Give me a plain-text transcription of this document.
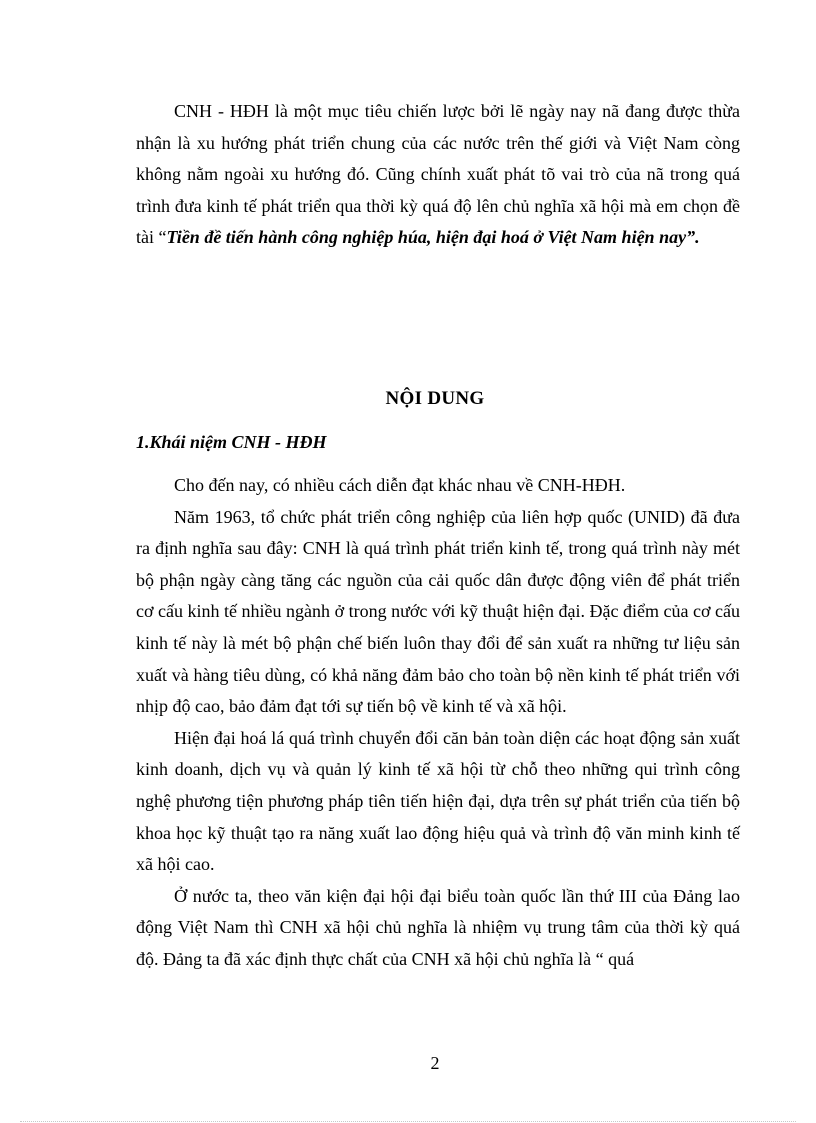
CNH - HĐH là một mục tiêu chiến lược bởi lẽ ngày nay nã đang được thừa nhận là xu hướng phát triển chung của các nước trên thế giới và Việt Nam còng không nằm ngoài xu hướng đó. Cũng chính xuất phát tõ vai trò của nã trong quá trình đưa kinh tế phát triển qua thời kỳ quá độ lên chủ nghĩa xã hội mà em chọn đề tài “Tiền đề tiến hành công nghiệp húa, hiện đại hoá ở Việt Nam hiện nay”.

NỘI DUNG
1.Khái niệm CNH - HĐH

Cho đến nay, có nhiều cách diễn đạt khác nhau về CNH-HĐH.

Năm 1963, tổ chức phát triển công nghiệp của liên hợp quốc (UNID) đã đưa ra định nghĩa sau đây: CNH là quá trình phát triển kinh tế, trong quá trình này mét bộ phận ngày càng tăng các nguồn của cải quốc dân được động viên để phát triển cơ cấu kinh tế nhiều ngành ở trong nước với kỹ thuật hiện đại. Đặc điểm của cơ cấu kinh tế này là mét bộ phận chế biến luôn thay đổi để sản xuất ra những tư liệu sản xuất và hàng tiêu dùng, có khả năng đảm bảo cho toàn bộ nền kinh tế phát triển với nhịp độ cao, bảo đảm đạt tới sự tiến bộ về kinh tế và xã hội.

Hiện đại hoá lá quá trình chuyển đổi căn bản toàn diện các hoạt động sản xuất kinh doanh, dịch vụ và quản lý kinh tế xã hội từ chỗ theo những qui trình công nghệ phương tiện phương pháp tiên tiến hiện đại, dựa trên sự phát triển của tiến bộ khoa học kỹ thuật tạo ra năng xuất lao động hiệu quả và trình độ văn minh kinh tế xã hội cao.

Ở nước ta, theo văn kiện đại hội đại biểu toàn quốc lần thứ III của Đảng lao động Việt Nam thì CNH xã hội chủ nghĩa là nhiệm vụ trung tâm của thời kỳ quá độ. Đảng ta đã xác định thực chất của CNH xã hội chủ nghĩa là “ quá

2
